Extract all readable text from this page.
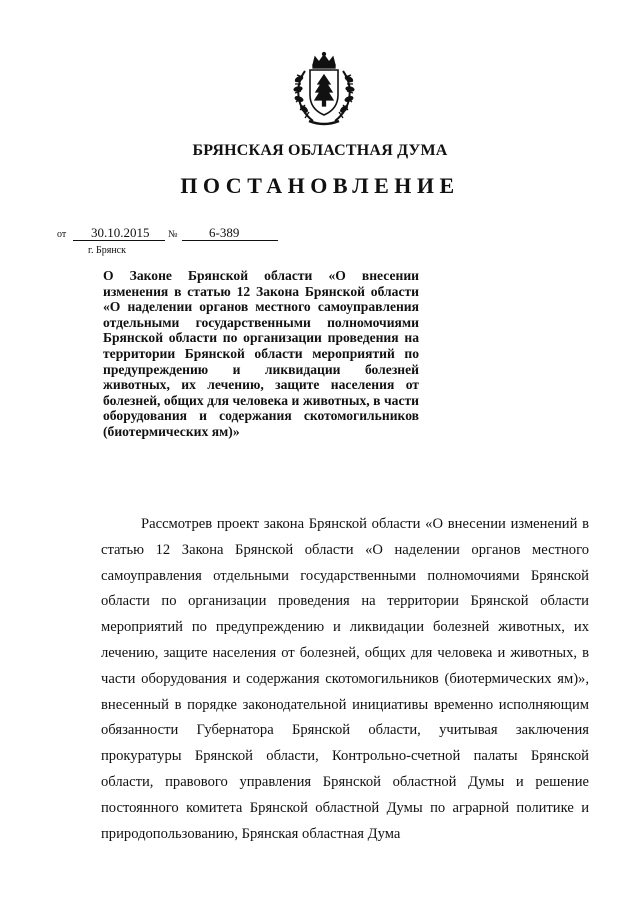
БРЯНСКАЯ ОБЛАСТНАЯ ДУМА
ПОСТАНОВЛЕНИЕ
от 30.10.2015 № 6-389
г. Брянск
О Законе Брянской области «О внесении изменения в статью 12 Закона Брянской области «О наделении органов местного самоуправления отдельными государственными полномочиями Брянской области по организации проведения на территории Брянской области мероприятий по предупреждению и ликвидации болезней животных, их лечению, защите населения от болезней, общих для человека и животных, в части оборудования и содержания скотомогильников (биотермических ям)»
Рассмотрев проект закона Брянской области «О внесении изменений в статью 12 Закона Брянской области «О наделении органов местного самоуправления отдельными государственными полномочиями Брянской области по организации проведения на территории Брянской области мероприятий по предупреждению и ликвидации болезней животных, их лечению, защите населения от болезней, общих для человека и животных, в части оборудования и содержания скотомогильников (биотермических ям)», внесенный в порядке законодательной инициативы временно исполняющим обязанности Губернатора Брянской области, учитывая заключения прокуратуры Брянской области, Контрольно-счетной палаты Брянской области, правового управления Брянской областной Думы и решение постоянного комитета Брянской областной Думы по аграрной политике и природопользованию, Брянская областная Дума
